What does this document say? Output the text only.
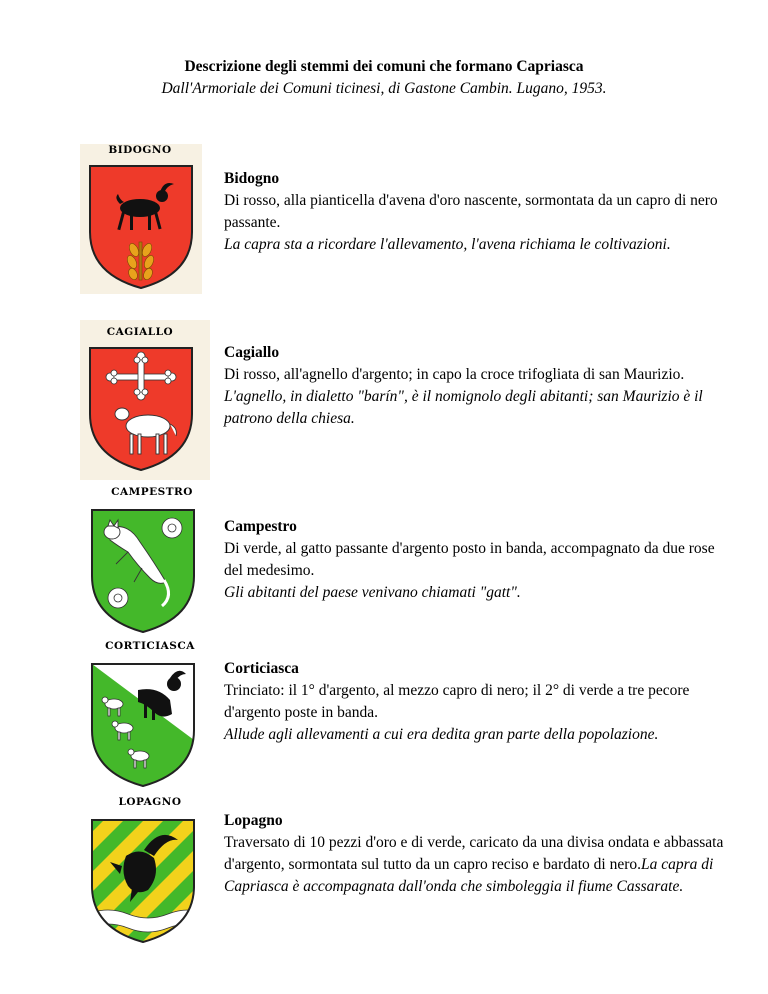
Descrizione degli stemmi dei comuni che formano Capriasca
Dall'Armoriale dei Comuni ticinesi, di Gastone Cambin. Lugano, 1953.
BIDOGNO
Bidogno
Di rosso, alla pianticella d'avena d'oro nascente, sormontata da un capro di nero passante.
La capra sta a ricordare l'allevamento, l'avena richiama le coltivazioni.
CAGIALLO
Cagiallo
Di rosso, all'agnello d'argento; in capo la croce trifogliata di san Maurizio.
L'agnello, in dialetto "barín", è il nomignolo degli abitanti; san Maurizio è il patrono della chiesa.
CAMPESTRO
Campestro
Di verde, al gatto passante d'argento posto in banda, accompagnato da due rose del medesimo.
Gli abitanti del paese venivano chiamati "gatt".
CORTICIASCA
Corticiasca
Trinciato: il 1° d'argento, al mezzo capro di nero; il 2° di verde a tre pecore d'argento poste in banda.
Allude agli allevamenti a cui era dedita gran parte della popolazione.
LOPAGNO
Lopagno
Traversato di 10 pezzi d'oro e di verde, caricato da una divisa ondata e abbassata d'argento, sormontata sul tutto da un capro reciso e bardato di nero.La capra di Capriasca è accompagnata dall'onda che simboleggia il fiume Cassarate.
